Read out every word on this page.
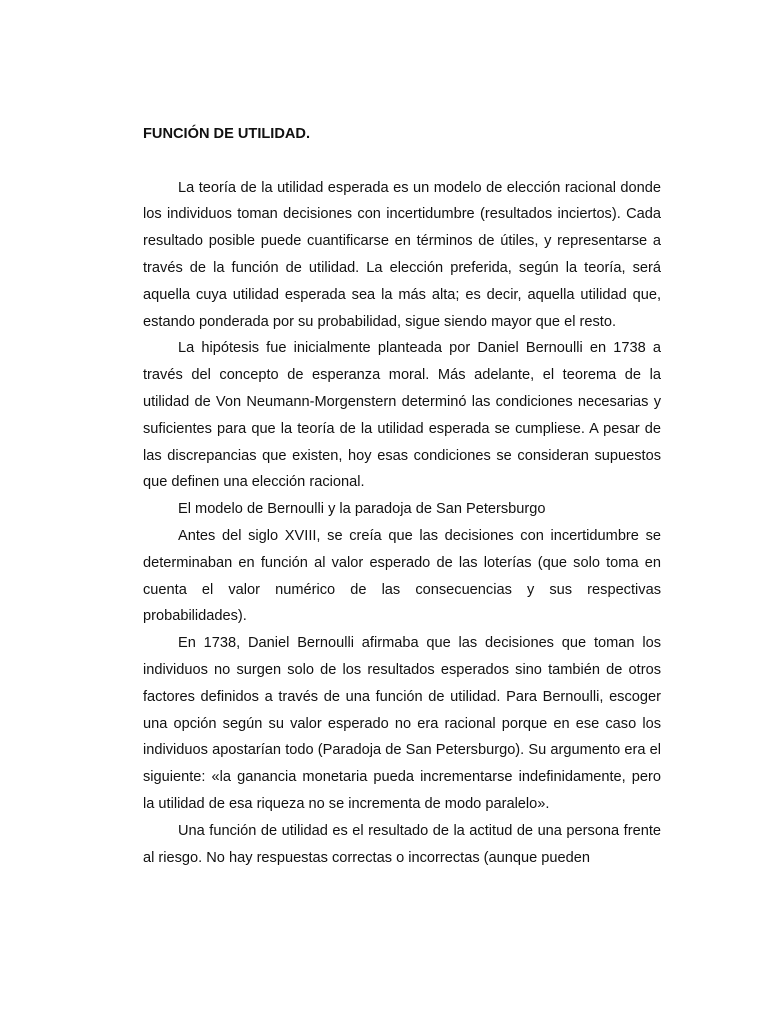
FUNCIÓN DE UTILIDAD.

La teoría de la utilidad esperada es un modelo de elección racional donde los individuos toman decisiones con incertidumbre (resultados inciertos). Cada resultado posible puede cuantificarse en términos de útiles, y representarse a través de la función de utilidad. La elección preferida, según la teoría, será aquella cuya utilidad esperada sea la más alta; es decir, aquella utilidad que, estando ponderada por su probabilidad, sigue siendo mayor que el resto.

La hipótesis fue inicialmente planteada por Daniel Bernoulli en 1738 a través del concepto de esperanza moral. Más adelante, el teorema de la utilidad de Von Neumann-Morgenstern determinó las condiciones necesarias y suficientes para que la teoría de la utilidad esperada se cumpliese. A pesar de las discrepancias que existen, hoy esas condiciones se consideran supuestos que definen una elección racional.

El modelo de Bernoulli y la paradoja de San Petersburgo

Antes del siglo XVIII, se creía que las decisiones con incertidumbre se determinaban en función al valor esperado de las loterías (que solo toma en cuenta el valor numérico de las consecuencias y sus respectivas probabilidades).

En 1738, Daniel Bernoulli afirmaba que las decisiones que toman los individuos no surgen solo de los resultados esperados sino también de otros factores definidos a través de una función de utilidad. Para Bernoulli, escoger una opción según su valor esperado no era racional porque en ese caso los individuos apostarían todo (Paradoja de San Petersburgo). Su argumento era el siguiente: «la ganancia monetaria pueda incrementarse indefinidamente, pero la utilidad de esa riqueza no se incrementa de modo paralelo».

Una función de utilidad es el resultado de la actitud de una persona frente al riesgo. No hay respuestas correctas o incorrectas (aunque pueden
